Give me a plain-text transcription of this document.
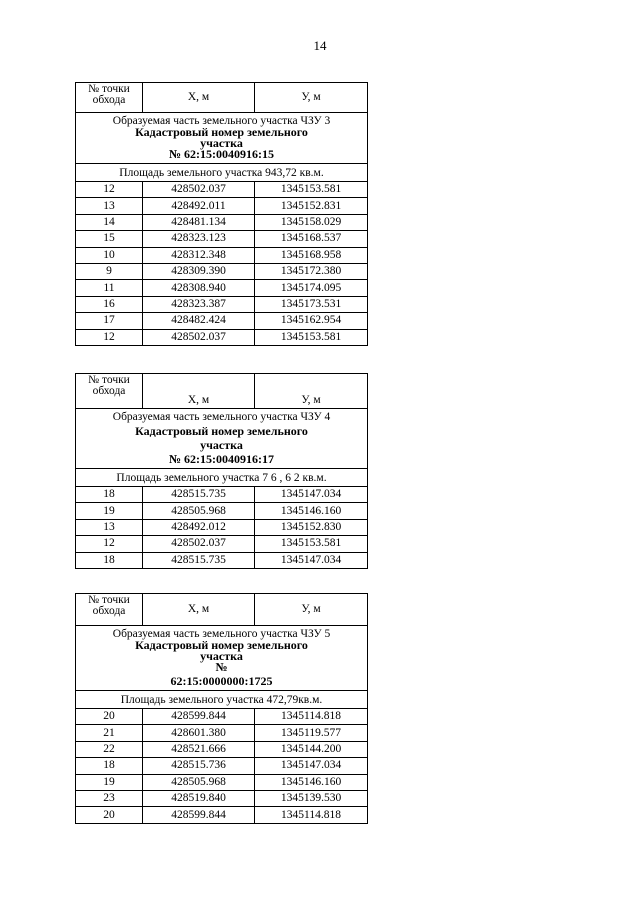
14
Образуемая часть земельного участка ЧЗУ 3
Кадастровый номер земельного
участка
№ 62:15:0040916:15		

Площадь земельного участка 943,72 кв.м.		
№ точки обхода	X, м	У, м
12	428502.037	1345153.581
13	428492.011	1345152.831
14	428481.134	1345158.029
15	428323.123	1345168.537
10	428312.348	1345168.958
9	428309.390	1345172.380
11	428308.940	1345174.095
16	428323.387	1345173.531
17	428482.424	1345162.954
12	428502.037	1345153.581
Образуемая часть земельного участка ЧЗУ 4
Кадастровый номер земельного
участка
№ 62:15:0040916:17		

Площадь земельного участка 7 6 , 6 2 кв.м.		
№ точки обхода	X, м	У, м
18	428515.735	1345147.034
19	428505.968	1345146.160
13	428492.012	1345152.830
12	428502.037	1345153.581
18	428515.735	1345147.034
Образуемая часть земельного участка ЧЗУ 5
Кадастровый номер земельного
участка
№
62:15:0000000:1725		

Площадь земельного участка 472,79кв.м.		
№ точки обхода	X, м	У, м
20	428599.844	1345114.818
21	428601.380	1345119.577
22	428521.666	1345144.200
18	428515.736	1345147.034
19	428505.968	1345146.160
23	428519.840	1345139.530
20	428599.844	1345114.818
